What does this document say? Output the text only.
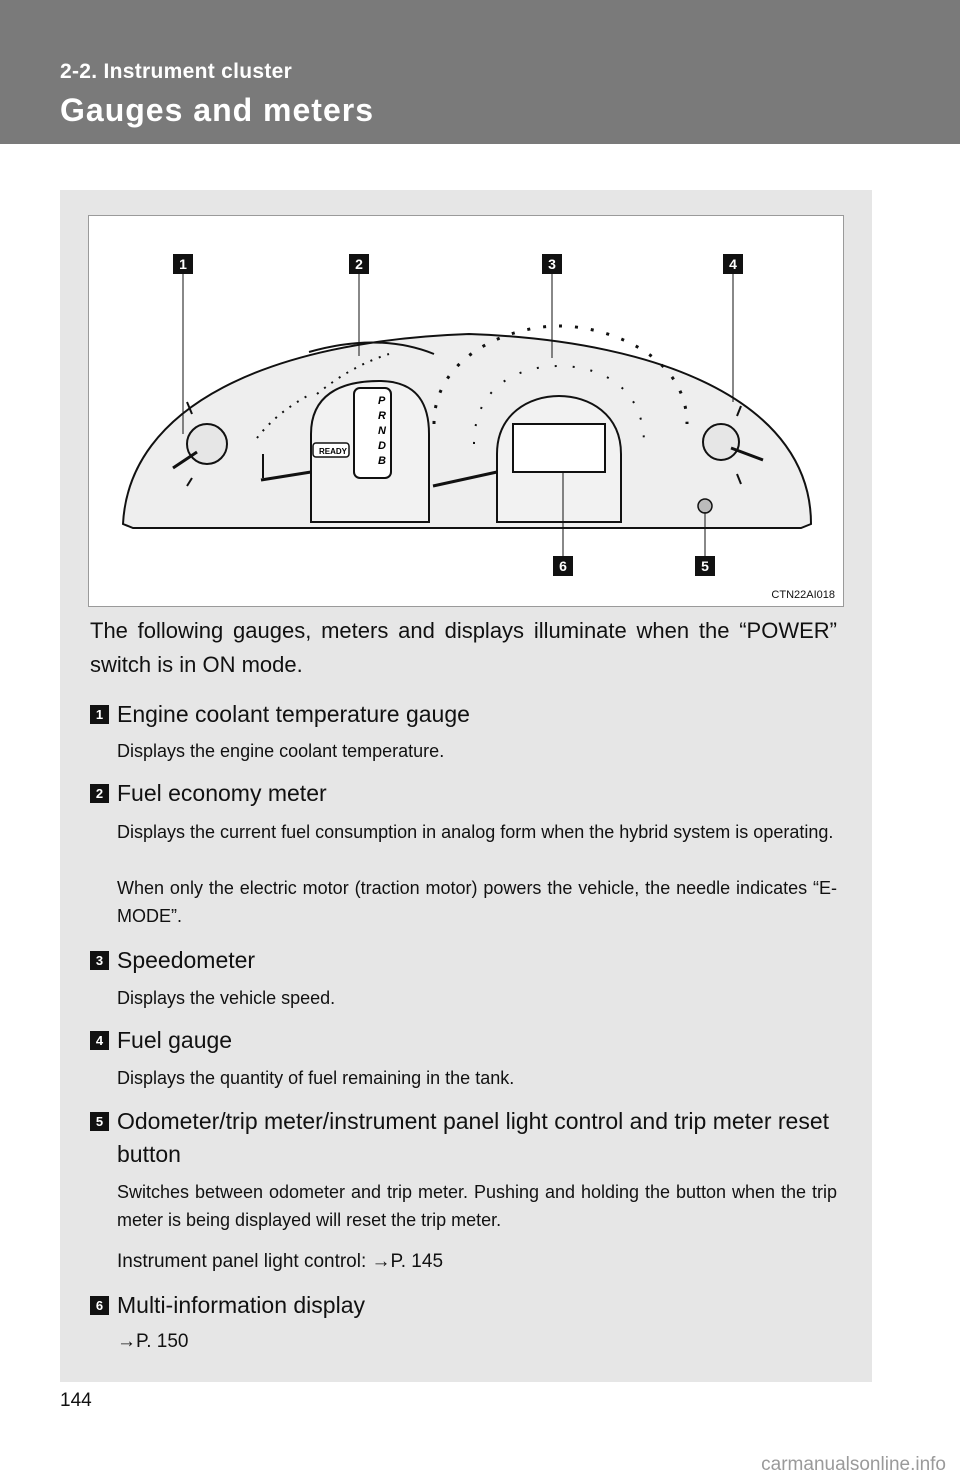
2-2. Instrument cluster
Gauges and meters
P
R
N
D
B
READY
1	2	3	4
5
6
CTN22AI018
The following gauges, meters and displays illuminate when the “POWER” switch is in ON mode.
1 Engine coolant temperature gauge
Displays the engine coolant temperature.
2 Fuel economy meter
Displays the current fuel consumption in analog form when the hybrid system is operating.
When only the electric motor (traction motor) powers the vehicle, the needle indicates “E-MODE”.
3 Speedometer
Displays the vehicle speed.
4 Fuel gauge
Displays the quantity of fuel remaining in the tank.
5 Odometer/trip meter/instrument panel light control and trip meter reset button
Switches between odometer and trip meter. Pushing and holding the button when the trip meter is being displayed will reset the trip meter.
Instrument panel light control: →P. 145
6 Multi-information display
→P. 150
144
carmanualsonline.info
